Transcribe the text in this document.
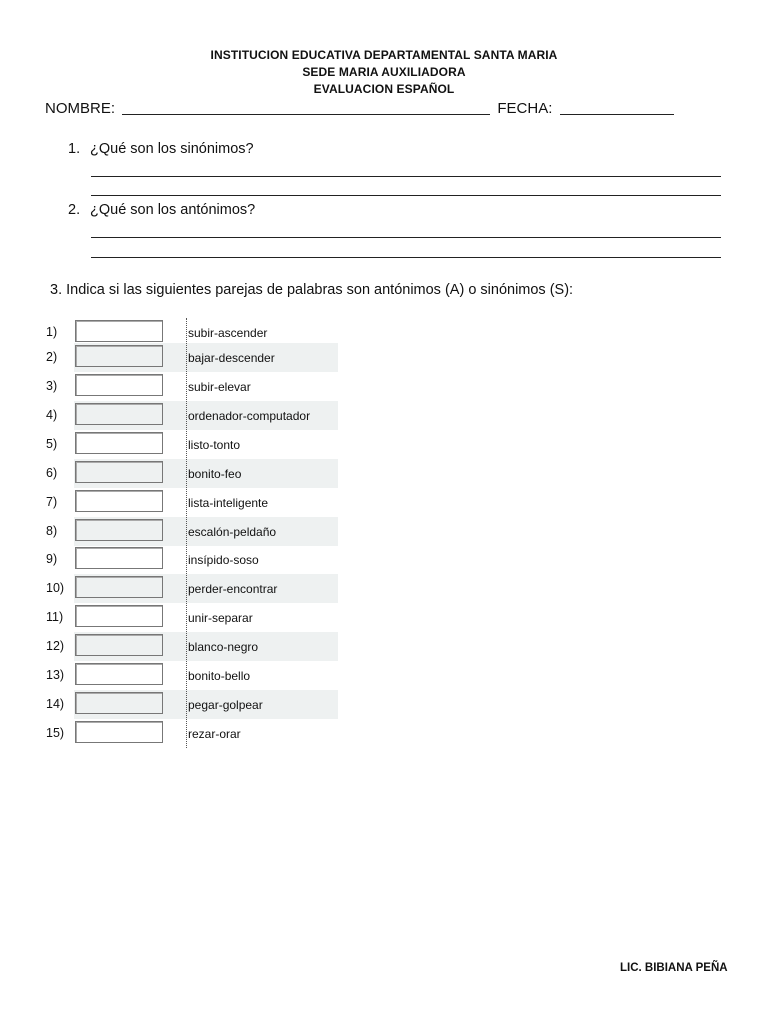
INSTITUCION EDUCATIVA DEPARTAMENTAL SANTA MARIA
SEDE MARIA AUXILIADORA
EVALUACION ESPAÑOL
NOMBRE:	FECHA:
1. ¿Qué son los sinónimos?
2. ¿Qué son los antónimos?
3. Indica si las siguientes parejas de palabras son antónimos (A) o sinónimos (S):
1)	subir-ascender
2)	bajar-descender
3)	subir-elevar
4)	ordenador-computador
5)	listo-tonto
6)	bonito-feo
7)	lista-inteligente
8)	escalón-peldaño
9)	insípido-soso
10)	perder-encontrar
11)	unir-separar
12)	blanco-negro
13)	bonito-bello
14)	pegar-golpear
15)	rezar-orar
LIC. BIBIANA PEÑA
